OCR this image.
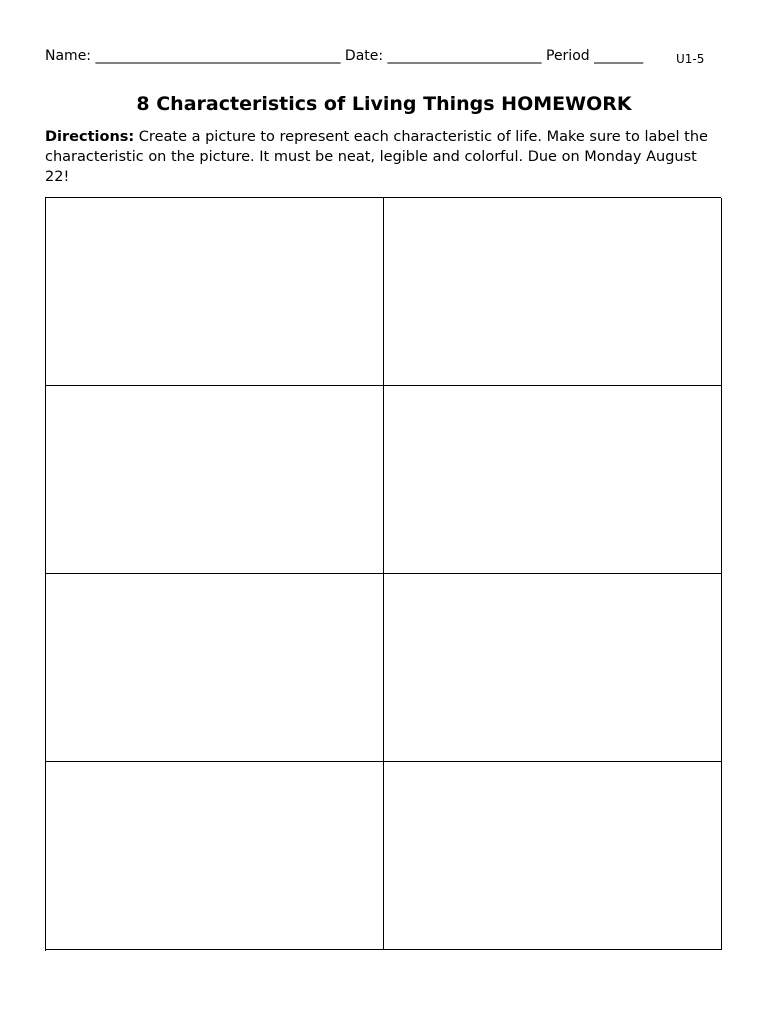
Name: ___________________________________ Date: ______________________ Period _______	U1-5
8 Characteristics of Living Things HOMEWORK
Directions: Create a picture to represent each characteristic of life. Make sure to label the characteristic on the picture. It must be neat, legible and colorful. Due on Monday August 22!
